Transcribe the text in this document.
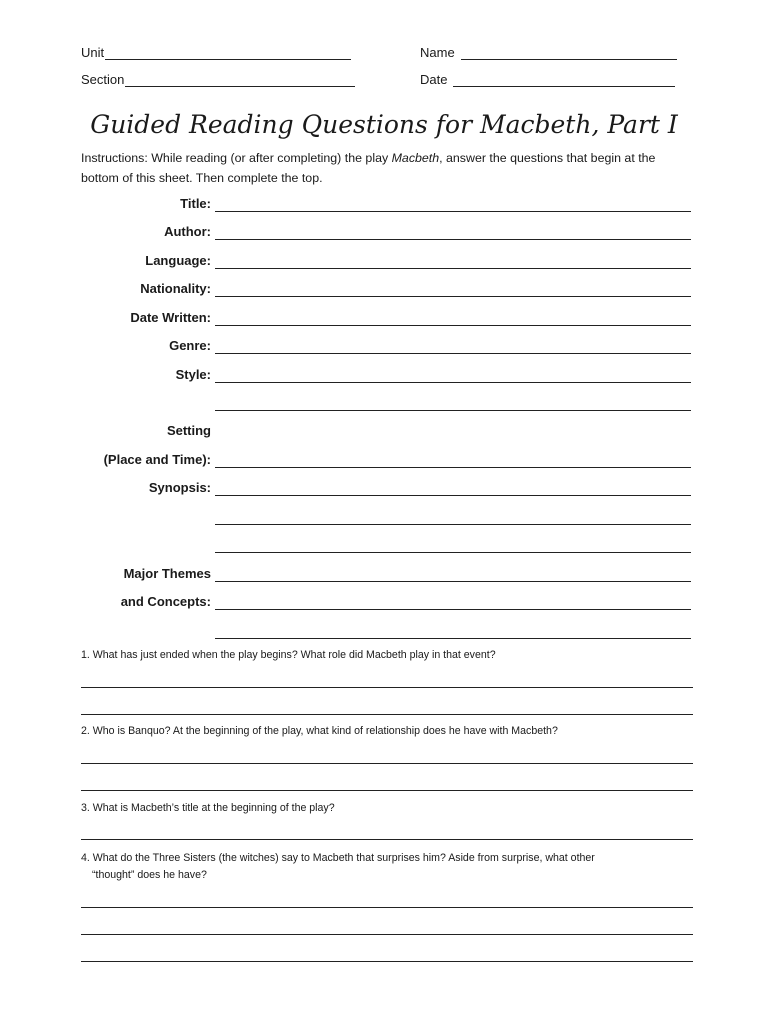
Unit
Section
Name
Date
Guided Reading Questions for Macbeth, Part I
Instructions: While reading (or after completing) the play Macbeth, answer the questions that begin at the bottom of this sheet. Then complete the top.
Title:
Author:
Language:
Nationality:
Date Written:
Genre:
Style:
Setting
(Place and Time):
Synopsis:
Major Themes
and Concepts:
1. What has just ended when the play begins? What role did Macbeth play in that event?
2. Who is Banquo? At the beginning of the play, what kind of relationship does he have with Macbeth?
3. What is Macbeth’s title at the beginning of the play?
4. What do the Three Sisters (the witches) say to Macbeth that surprises him? Aside from surprise, what other
“thought” does he have?
